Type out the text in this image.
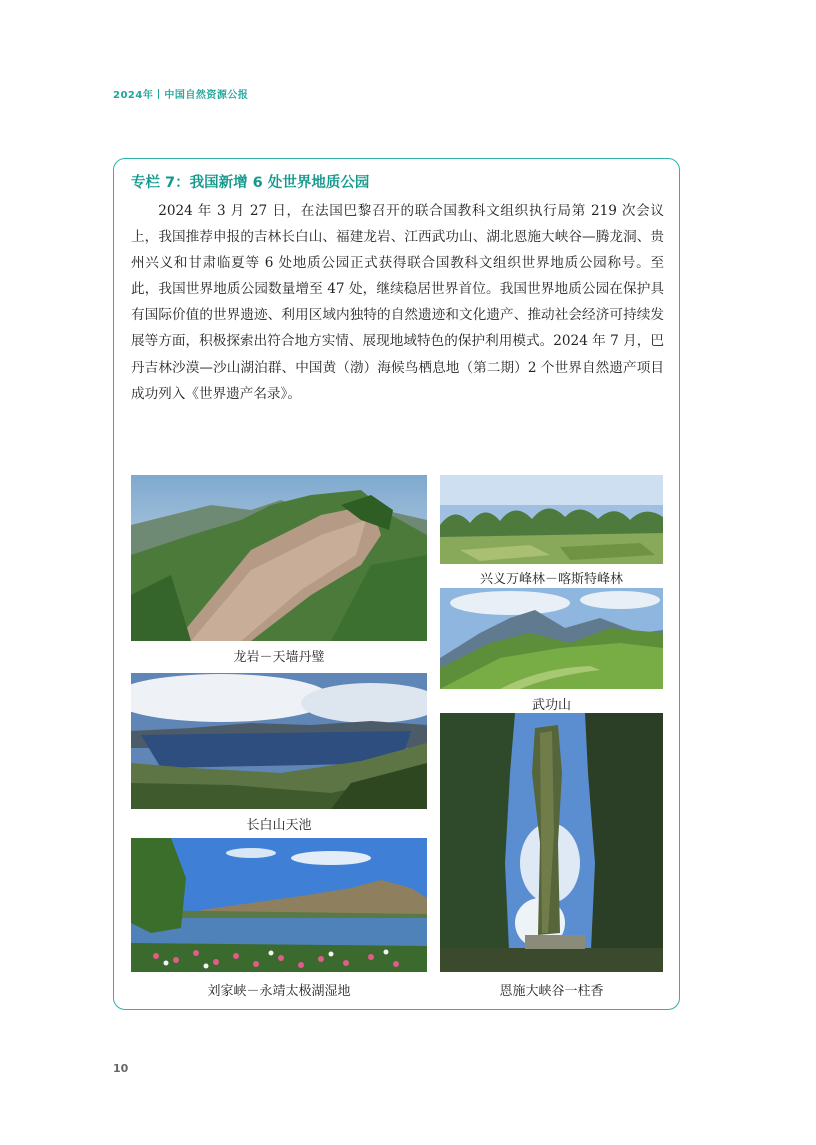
2024年 中国自然资源公报
专栏 7：我国新增 6 处世界地质公园

2024 年 3 月 27 日，在法国巴黎召开的联合国教科文组织执行局第 219 次会议上，我国推荐申报的吉林长白山、福建龙岩、江西武功山、湖北恩施大峡谷—腾龙洞、贵州兴义和甘肃临夏等 6 处地质公园正式获得联合国教科文组织世界地质公园称号。至此，我国世界地质公园数量增至 47 处，继续稳居世界首位。我国世界地质公园在保护具有国际价值的世界遗迹、利用区域内独特的自然遗迹和文化遗产、推动社会经济可持续发展等方面，积极探索出符合地方实情、展现地域特色的保护利用模式。2024 年 7 月，巴丹吉林沙漠—沙山湖泊群、中国黄（渤）海候鸟栖息地（第二期）2 个世界自然遗产项目成功列入《世界遗产名录》。

龙岩－天墙丹璧
兴义万峰林－喀斯特峰林
武功山
长白山天池
刘家峡－永靖太极湖湿地	恩施大峡谷一柱香
10
